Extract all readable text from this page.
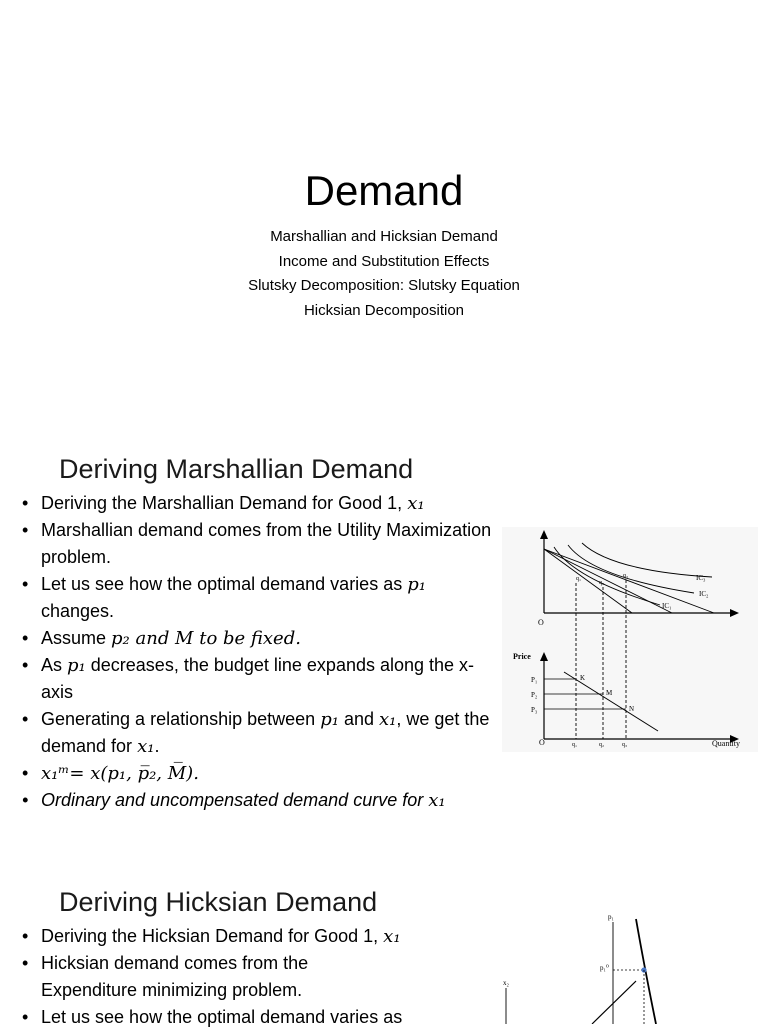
Demand
Marshallian and Hicksian Demand
Income and Substitution Effects
Slutsky Decomposition: Slutsky Equation
Hicksian Decomposition
Deriving Marshallian Demand
• Deriving the Marshallian Demand for Good 1, x₁
• Marshallian demand comes from the Utility Maximization problem.
• Let us see how the optimal demand varies as p₁ changes.
• Assume p₂ and M to be fixed.
• As p₁ decreases, the budget line expands along the x-axis
• Generating a relationship between p₁ and x₁, we get the demand for x₁.
• x₁ᵐ= x(p₁, p̅₂, M̅).
• Ordinary and uncompensated demand curve for x₁
O
IC₁
IC₂
IC₃
q₁
q₂
q₃
Price
Quantity
O
P₁
P₂
P₃
K
M
N
q₁	q₂	q₃
Deriving Hicksian Demand
• Deriving the Hicksian Demand for Good 1, x₁
• Hicksian demand comes from the Expenditure minimizing problem.
• Let us see how the optimal demand varies as
p₁
p₁⁰
x₂
